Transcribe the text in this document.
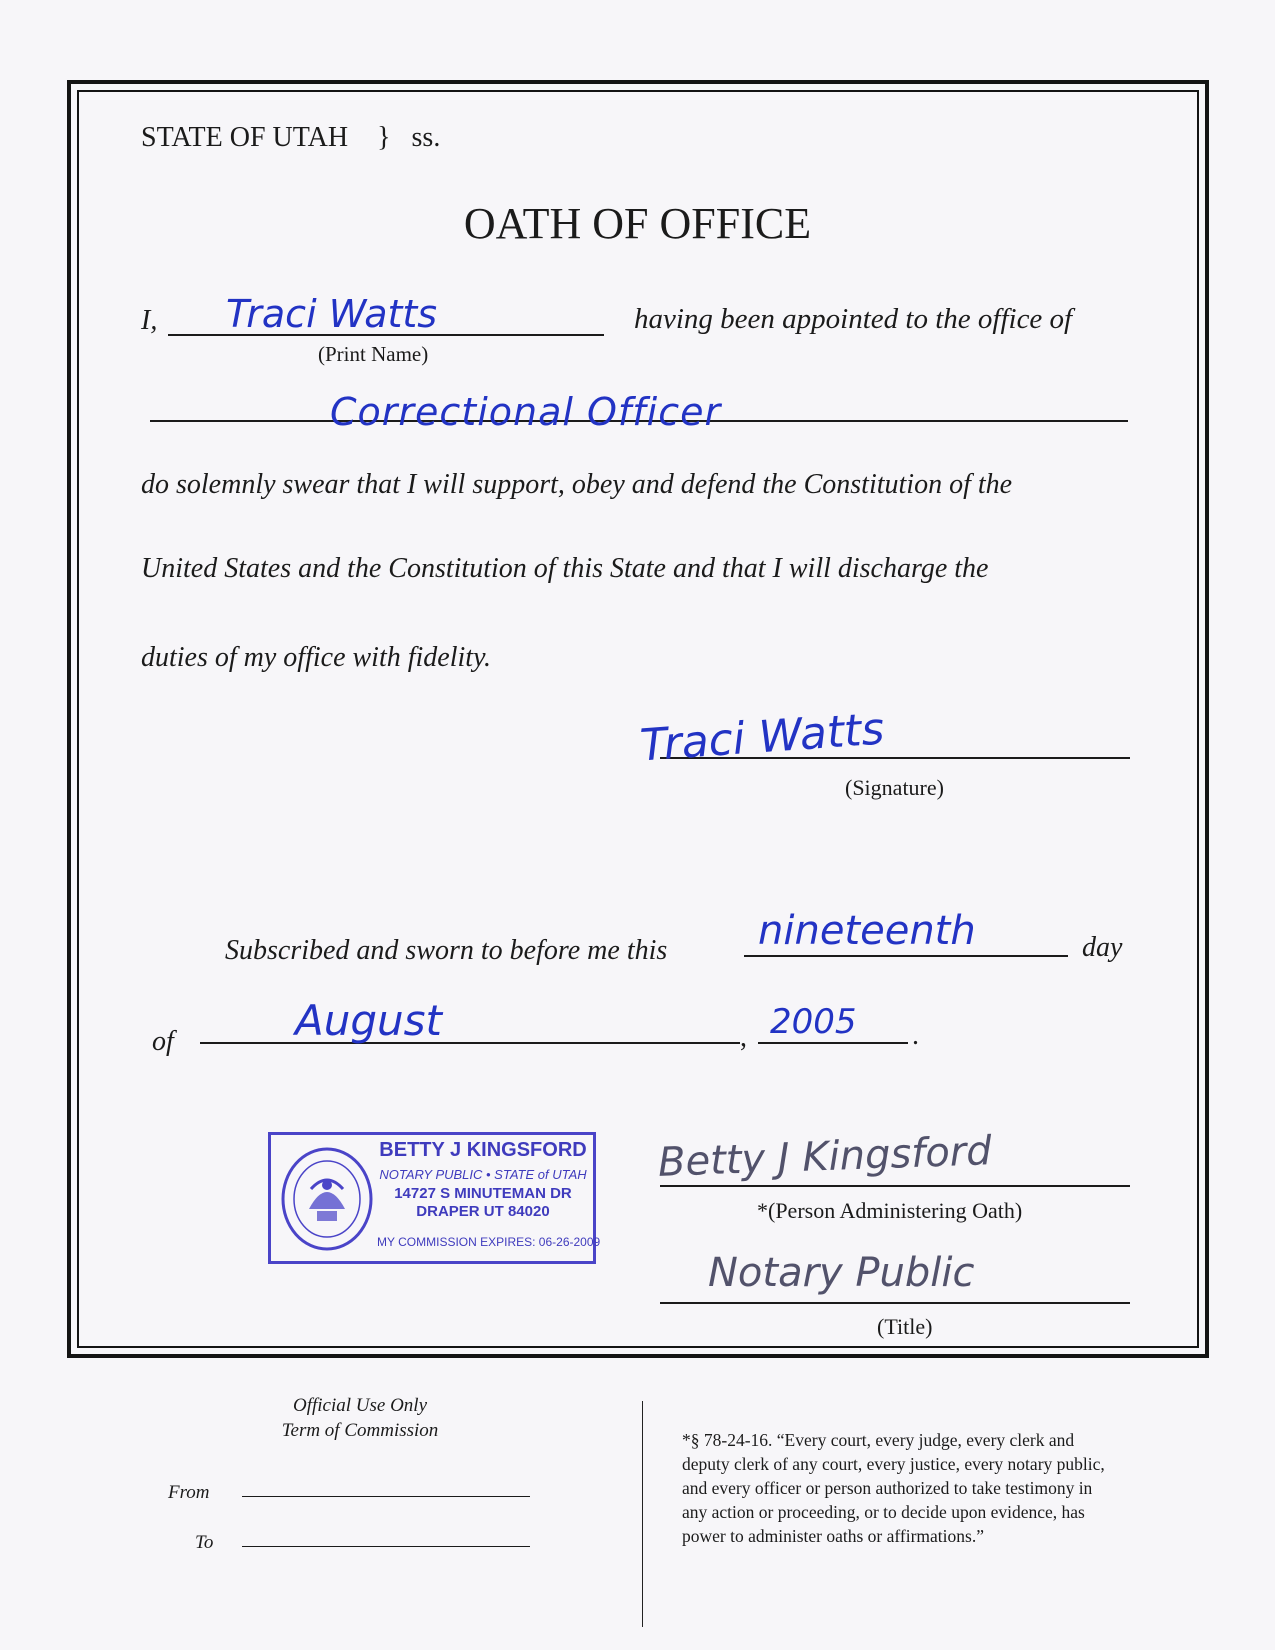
STATE OF UTAH } ss.
OATH OF OFFICE
I, Traci Watts
(Print Name)
having been appointed to the office of
Correctional Officer
do solemnly swear that I will support, obey and defend the Constitution of the
United States and the Constitution of this State and that I will discharge the
duties of my office with fidelity.
Traci Watts
(Signature)
Subscribed and sworn to before me this nineteenth	day
of	August	, 2005 .
BETTY J KINGSFORD
NOTARY PUBLIC • STATE of UTAH
14727 S MINUTEMAN DR
DRAPER UT 84020
MY COMMISSION EXPIRES: 06-26-2009
Betty J Kingsford
*(Person Administering Oath)
Notary Public
(Title)
Official Use Only
Term of Commission
From
To
*§ 78-24-16. “Every court, every judge, every clerk and
deputy clerk of any court, every justice, every notary public,
and every officer or person authorized to take testimony in
any action or proceeding, or to decide upon evidence, has
power to administer oaths or affirmations.”
